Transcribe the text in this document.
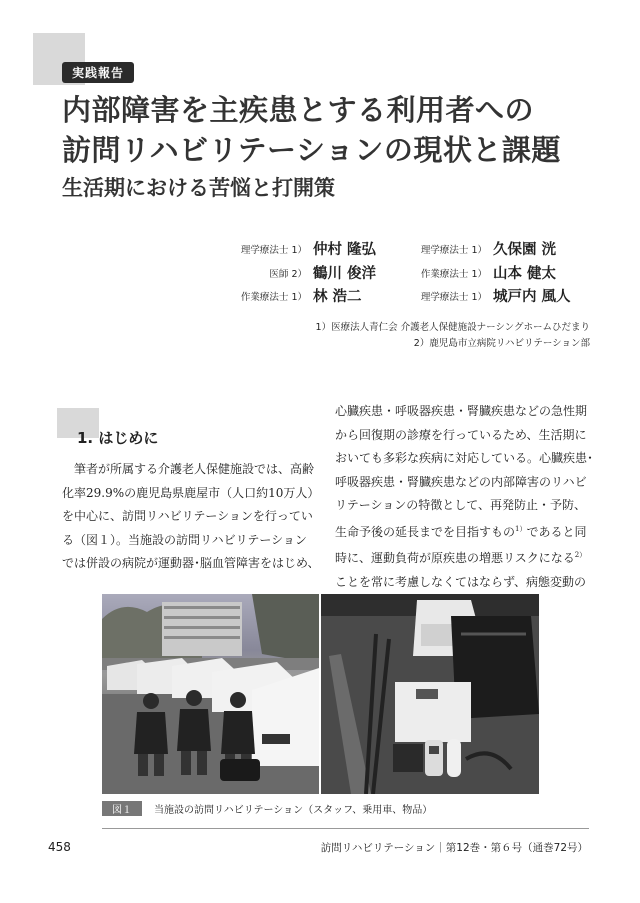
実践報告
内部障害を主疾患とする利用者への
訪問リハビリテーションの現状と課題
生活期における苦悩と打開策
理学療法士 1） 仲村 隆弘	理学療法士 1） 久保園 洸
医師 2） 鶴川 俊洋	作業療法士 1） 山本 健太
作業療法士 1） 林 浩二	理学療法士 1） 城戸内 風人
1）医療法人青仁会 介護老人保健施設ナーシングホームひだまり
2）鹿児島市立病院リハビリテーション部
1. はじめに
筆者が所属する介護老人保健施設では、高齢
化率29.9%の鹿児島県鹿屋市（人口約10万人）
を中心に、訪問リハビリテーションを行ってい
る（図１）。当施設の訪問リハビリテーション
では併設の病院が運動器･脳血管障害をはじめ、
心臓疾患・呼吸器疾患・腎臓疾患などの急性期
から回復期の診療を行っているため、生活期に
おいても多彩な疾病に対応している。心臓疾患･
呼吸器疾患・腎臓疾患などの内部障害のリハビ
リテーションの特徴として、再発防止・予防、
生命予後の延長までを目指すもの$^{1)}$であると同
時に、運動負荷が原疾患の増悪リスクになる$^{2)}$
ことを常に考慮しなくてはならず、病態変動の
図１ 当施設の訪問リハビリテーション（スタッフ、乗用車、物品）
458	訪問リハビリテーション｜第12巻・第６号（通巻72号）
